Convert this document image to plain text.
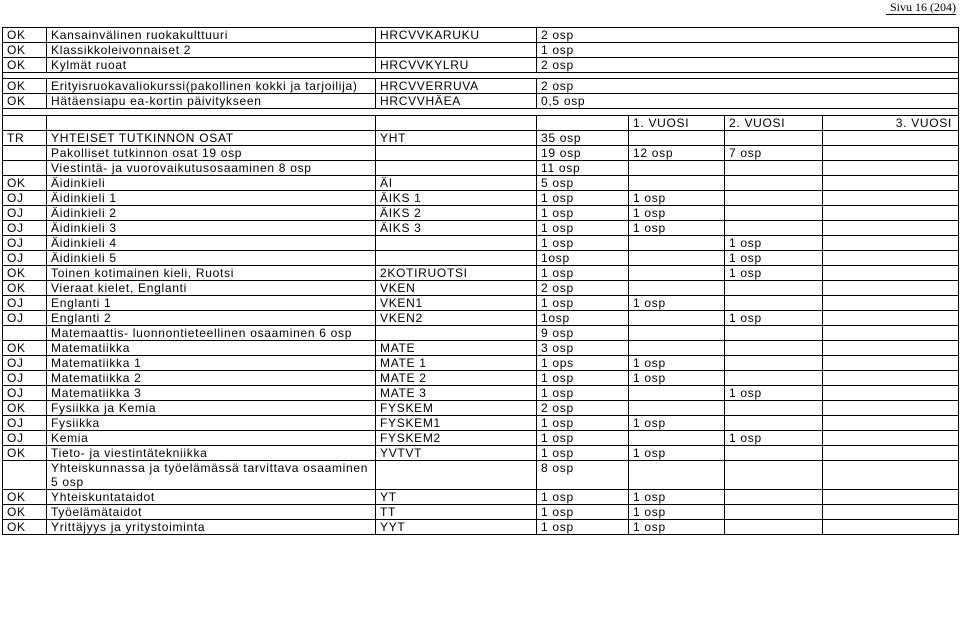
Sivu 16 (204)
OK	Kansainvälinen ruokakulttuuri	HRCVVKARUKU	2 osp			
OK	Klassikkoleivonnaiset 2		1 osp			
OK	Kylmät ruoat	HRCVVKYLRU	2 osp			

OK	Erityisruokavaliokurssi(pakollinen kokki ja tarjoilija)	HRCVVERRUVA	2 osp			
OK	Hätäensiapu ea-kortin päivitykseen	HRCVVHÄEA	0,5 osp			

				1. VUOSI	2. VUOSI	3. VUOSI
TR	YHTEISET TUTKINNON OSAT	YHT	35 osp			
	Pakolliset tutkinnon osat 19 osp		19 osp	12 osp	7 osp	
	Viestintä- ja vuorovaikutusosaaminen 8 osp		11 osp			
OK	Äidinkieli	ÄI	5 osp			
OJ	Äidinkieli 1	ÄIKS 1	1 osp	1 osp		
OJ	Äidinkieli 2	ÄIKS 2	1 osp	1 osp		
OJ	Äidinkieli 3	ÄIKS 3	1 osp	1 osp		
OJ	Äidinkieli 4		1 osp		1 osp	
OJ	Äidinkieli 5		1osp		1 osp	
OK	Toinen kotimainen kieli, Ruotsi	2KOTIRUOTSI	1 osp		1 osp	
OK	Vieraat kielet, Englanti	VKEN	2 osp			
OJ	Englanti 1	VKEN1	1 osp	1 osp		
OJ	Englanti 2	VKEN2	1osp		1 osp	
	Matemaattis- luonnontieteellinen osaaminen 6 osp		9 osp			
OK	Matematiikka	MATE	3 osp			
OJ	Matematiikka 1	MATE 1	1 ops	1 osp		
OJ	Matematiikka 2	MATE 2	1 osp	1 osp		
OJ	Matematiikka 3	MATE 3	1 osp		1 osp	
OK	Fysiikka ja Kemia	FYSKEM	2 osp			
OJ	Fysiikka	FYSKEM1	1 osp	1 osp		
OJ	Kemia	FYSKEM2	1 osp		1 osp	
OK	Tieto- ja viestintätekniikka	YVTVT	1 osp	1 osp		
	Yhteiskunnassa ja työelämässä tarvittava osaaminen 5 osp		8 osp			
OK	Yhteiskuntataidot	YT	1 osp	1 osp		
OK	Työelämätaidot	TT	1 osp	1 osp		
OK	Yrittäjyys ja yritystoiminta	YYT	1 osp	1 osp		
